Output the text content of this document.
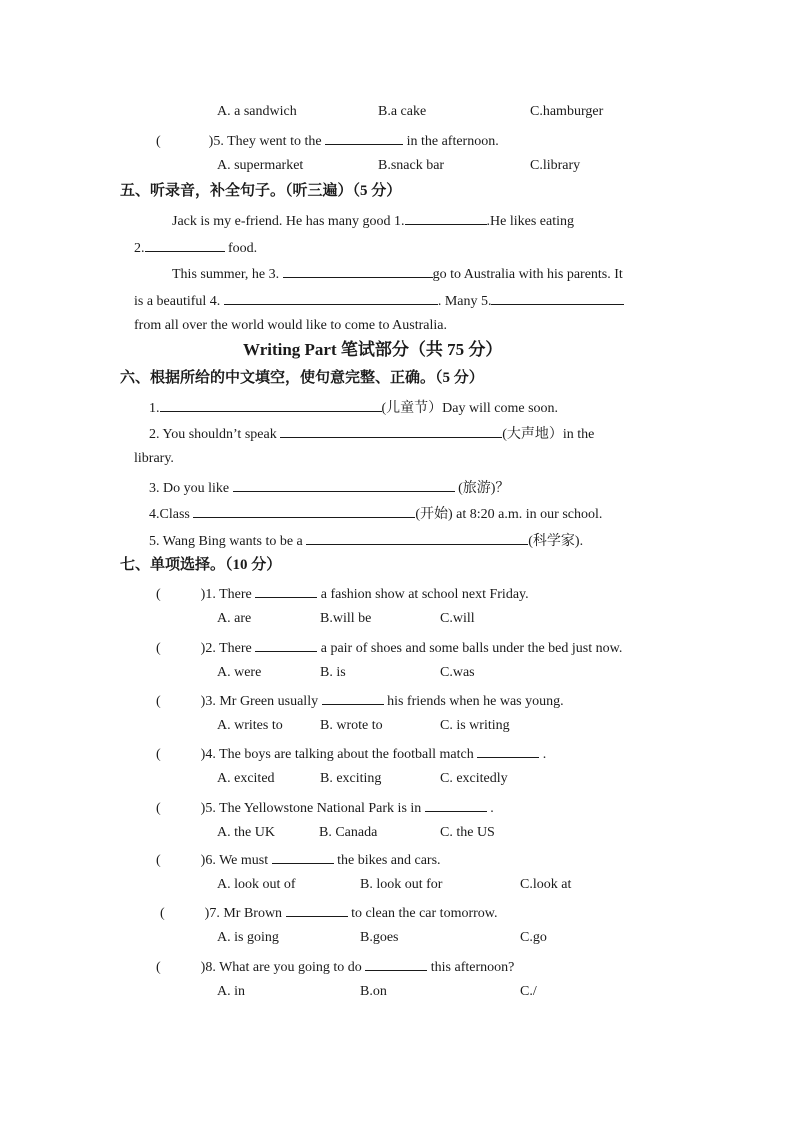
A. a sandwich	B.a cake	C.hamburger
(	)5. They went to the	in the afternoon.
A. supermarket	B.snack bar	C.library
五、听录音，补全句子。（听三遍）（5 分）
Jack is my e-friend. He has many good 1.	.He likes eating
2.	food.
This summer, he 3.	go to Australia with his parents. It
is a beautiful 4.	. Many 5.
from all over the world would like to come to Australia.
Writing Part 笔试部分（共 75 分）
六、根据所给的中文填空，使句意完整、正确。（5 分）
1.	(儿童节）Day will come soon.
2. You shouldn’t speak	(大声地）in the
library.
3. Do you like	(旅游)？
4.Class	(开始) at 8:20 a.m. in our school.
5. Wang Bing wants to be a	(科学家).
七、单项选择。（10 分）
(	)1. There	a fashion show at school next Friday.
A. are	B.will be	C.will
(	)2. There	a pair of shoes and some balls under the bed just now.
A. were	B. is	C.was
(	)3. Mr Green usually	his friends when he was young.
A. writes to	B. wrote to	C. is writing
(	)4. The boys are talking about the football match	.
A. excited	B. exciting	C. excitedly
(	)5. The Yellowstone National Park is in	.
A. the UK	B. Canada	C. the US
(	)6. We must	the bikes and cars.
A. look out of	B. look out for	C.look at
(	)7. Mr Brown	to clean the car tomorrow.
A. is going	B.goes	C.go
(	)8. What are you going to do	this afternoon?
A. in	B.on	C./
